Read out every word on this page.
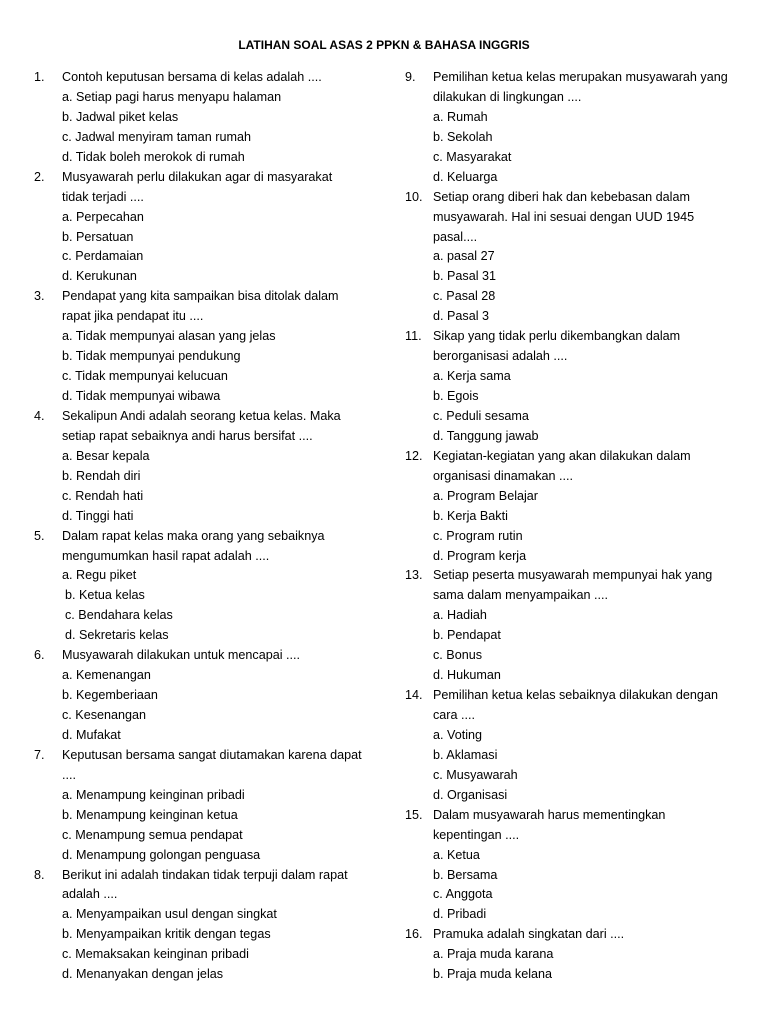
LATIHAN SOAL ASAS 2 PPKN & BAHASA INGGRIS
1.	Contoh keputusan bersama di kelas adalah ....
a. Setiap pagi harus menyapu halaman
b. Jadwal piket kelas
c. Jadwal menyiram taman rumah
d. Tidak boleh merokok di rumah
2.	Musyawarah perlu dilakukan agar di masyarakat
tidak terjadi ....
a. Perpecahan
b. Persatuan
c. Perdamaian
d. Kerukunan
3.	Pendapat yang kita sampaikan bisa ditolak dalam
rapat jika pendapat itu ....
a. Tidak mempunyai alasan yang jelas
b. Tidak mempunyai pendukung
c. Tidak mempunyai kelucuan
d. Tidak mempunyai wibawa
4.	Sekalipun Andi adalah seorang ketua kelas. Maka
setiap rapat sebaiknya andi harus bersifat ....
a. Besar kepala
b. Rendah diri
c. Rendah hati
d. Tinggi hati
5.	Dalam rapat kelas maka orang yang sebaiknya
mengumumkan hasil rapat adalah ....
a. Regu piket
b. Ketua kelas
c. Bendahara kelas
d. Sekretaris kelas
6.	Musyawarah dilakukan untuk mencapai ....
a. Kemenangan
b. Kegemberiaan
c. Kesenangan
d. Mufakat
7.	Keputusan bersama sangat diutamakan karena dapat
....
a. Menampung keinginan pribadi
b. Menampung keinginan ketua
c. Menampung semua pendapat
d. Menampung golongan penguasa
8.	Berikut ini adalah tindakan tidak terpuji dalam rapat
adalah ....
a. Menyampaikan usul dengan singkat
b. Menyampaikan kritik dengan tegas
c. Memaksakan keinginan pribadi
d. Menanyakan dengan jelas
9.	Pemilihan ketua kelas merupakan musyawarah yang
dilakukan di lingkungan ....
a. Rumah
b. Sekolah
c. Masyarakat
d. Keluarga
10. Setiap orang diberi hak dan kebebasan dalam
musyawarah. Hal ini sesuai dengan UUD 1945
pasal....
a. pasal 27
b. Pasal 31
c. Pasal 28
d. Pasal 3
11. Sikap yang tidak perlu dikembangkan dalam
berorganisasi adalah ....
a. Kerja sama
b. Egois
c. Peduli sesama
d. Tanggung jawab
12. Kegiatan-kegiatan yang akan dilakukan dalam
organisasi dinamakan ....
a. Program Belajar
b. Kerja Bakti
c. Program rutin
d. Program kerja
13. Setiap peserta musyawarah mempunyai hak yang
sama dalam menyampaikan ....
a. Hadiah
b. Pendapat
c. Bonus
d. Hukuman
14. Pemilihan ketua kelas sebaiknya dilakukan dengan
cara ....
a. Voting
b. Aklamasi
c. Musyawarah
d. Organisasi
15. Dalam musyawarah harus mementingkan
kepentingan ....
a. Ketua
b. Bersama
c. Anggota
d. Pribadi
16. Pramuka adalah singkatan dari ....
a. Praja muda karana
b. Praja muda kelana
